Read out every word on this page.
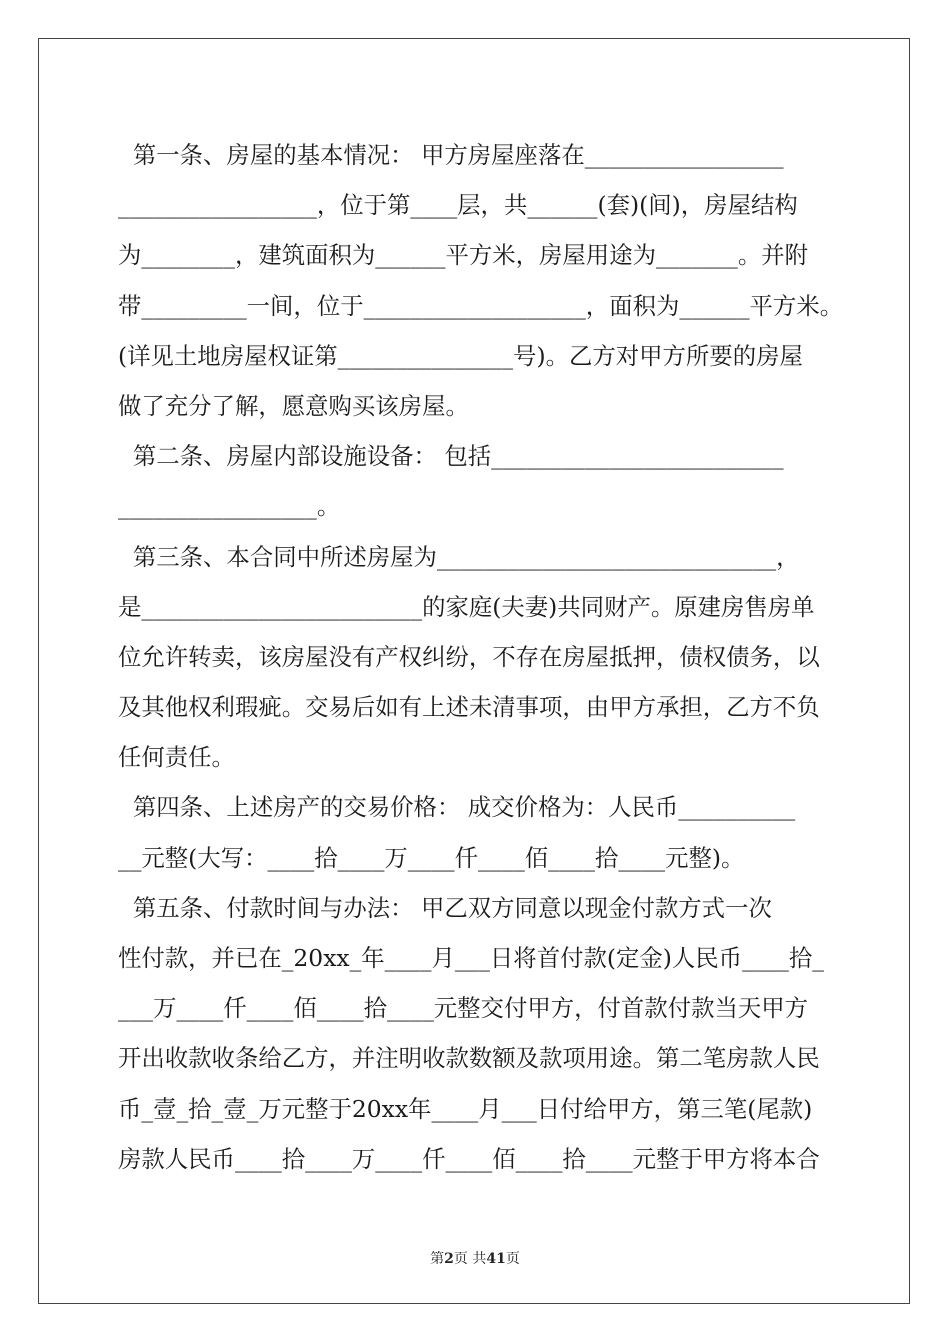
第一条、房屋的基本情况： 甲方房屋座落在_________________
_________________，位于第____层，共______(套)(间)，房屋结构
为________，建筑面积为______平方米，房屋用途为_______。并附
带_________一间，位于___________________，面积为______平方米。
(详见土地房屋权证第_______________号)。乙方对甲方所要的房屋
做了充分了解，愿意购买该房屋。
第二条、房屋内部设施设备： 包括_________________________
_________________。
第三条、本合同中所述房屋为_____________________________，
是________________________的家庭(夫妻)共同财产。原建房售房单
位允许转卖，该房屋没有产权纠纷，不存在房屋抵押，债权债务，以
及其他权利瑕疵。交易后如有上述未清事项，由甲方承担，乙方不负
任何责任。
第四条、上述房产的交易价格： 成交价格为：人民币__________
__元整(大写：____拾____万____仟____佰____拾____元整)。
第五条、付款时间与办法： 甲乙双方同意以现金付款方式一次
性付款，并已在_20xx_年____月___日将首付款(定金)人民币____拾_
___万____仟____佰____拾____元整交付甲方，付首款付款当天甲方
开出收款收条给乙方，并注明收款数额及款项用途。第二笔房款人民
币_壹_拾_壹_万元整于20xx年____月___日付给甲方，第三笔(尾款)
房款人民币____拾____万____仟____佰____拾____元整于甲方将本合
第2页 共41页
